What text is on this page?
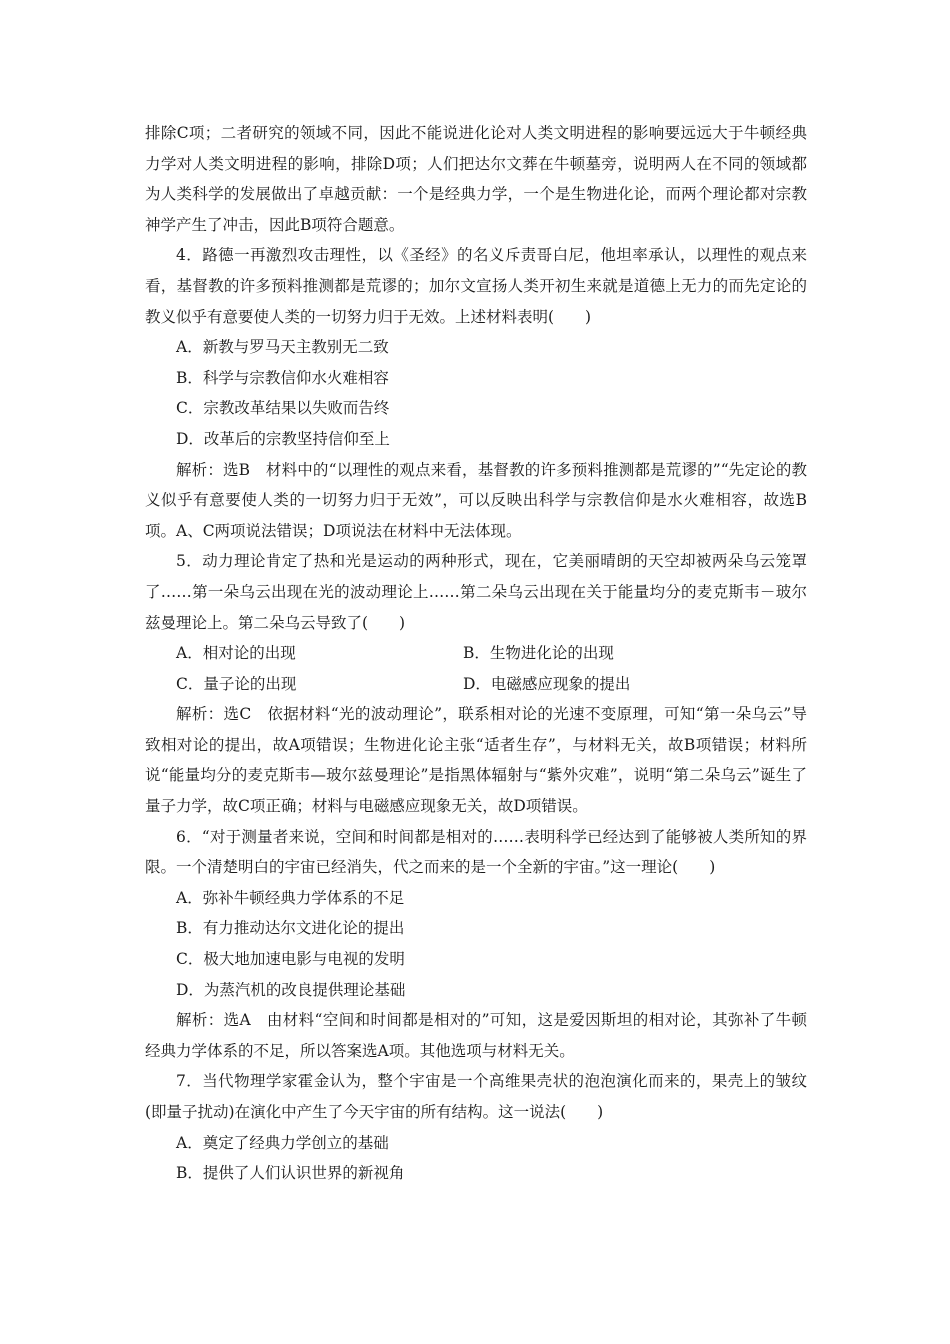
排除C项；二者研究的领域不同，因此不能说进化论对人类文明进程的影响要远远大于牛顿经典力学对人类文明进程的影响，排除D项；人们把达尔文葬在牛顿墓旁，说明两人在不同的领域都为人类科学的发展做出了卓越贡献：一个是经典力学，一个是生物进化论，而两个理论都对宗教神学产生了冲击，因此B项符合题意。

4．路德一再激烈攻击理性，以《圣经》的名义斥责哥白尼，他坦率承认，以理性的观点来看，基督教的许多预料推测都是荒谬的；加尔文宣扬人类开初生来就是道德上无力的而先定论的教义似乎有意要使人类的一切努力归于无效。上述材料表明(　　)

A．新教与罗马天主教别无二致

B．科学与宗教信仰水火难相容

C．宗教改革结果以失败而告终

D．改革后的宗教坚持信仰至上

解析：选B　材料中的“以理性的观点来看，基督教的许多预料推测都是荒谬的”“先定论的教义似乎有意要使人类的一切努力归于无效”，可以反映出科学与宗教信仰是水火难相容，故选B项。A、C两项说法错误；D项说法在材料中无法体现。

5．动力理论肯定了热和光是运动的两种形式，现在，它美丽晴朗的天空却被两朵乌云笼罩了……第一朵乌云出现在光的波动理论上……第二朵乌云出现在关于能量均分的麦克斯韦－玻尔兹曼理论上。第二朵乌云导致了(　　)

A．相对论的出现	B．生物进化论的出现
C．量子论的出现	D．电磁感应现象的提出

解析：选C　依据材料“光的波动理论”，联系相对论的光速不变原理，可知“第一朵乌云”导致相对论的提出，故A项错误；生物进化论主张“适者生存”，与材料无关，故B项错误；材料所说“能量均分的麦克斯韦—玻尔兹曼理论”是指黑体辐射与“紫外灾难”，说明“第二朵乌云”诞生了量子力学，故C项正确；材料与电磁感应现象无关，故D项错误。

6．“对于测量者来说，空间和时间都是相对的……表明科学已经达到了能够被人类所知的界限。一个清楚明白的宇宙已经消失，代之而来的是一个全新的宇宙。”这一理论(　　)

A．弥补牛顿经典力学体系的不足

B．有力推动达尔文进化论的提出

C．极大地加速电影与电视的发明

D．为蒸汽机的改良提供理论基础

解析：选A　由材料“空间和时间都是相对的”可知，这是爱因斯坦的相对论，其弥补了牛顿经典力学体系的不足，所以答案选A项。其他选项与材料无关。

7．当代物理学家霍金认为，整个宇宙是一个高维果壳状的泡泡演化而来的，果壳上的皱纹(即量子扰动)在演化中产生了今天宇宙的所有结构。这一说法(　　)

A．奠定了经典力学创立的基础

B．提供了人们认识世界的新视角
